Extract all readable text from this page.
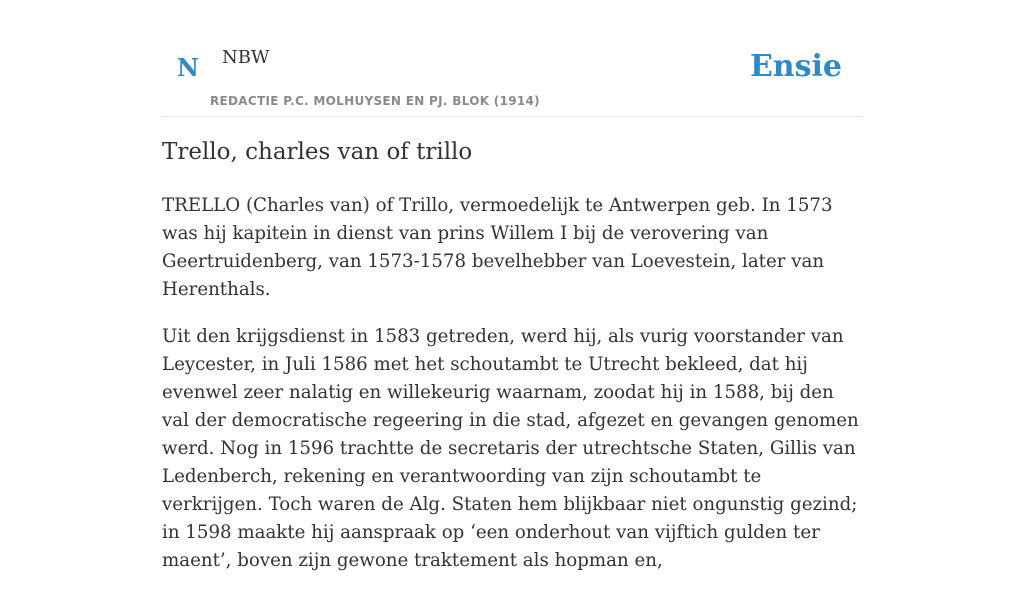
N NBW
REDACTIE P.C. MOLHUYSEN EN PJ. BLOK (1914)
Ensie
Trello, charles van of trillo

TRELLO (Charles van) of Trillo, vermoedelijk te Antwerpen geb. In 1573 was hij kapitein in dienst van prins Willem I bij de verovering van Geertruidenberg, van 1573-1578 bevelhebber van Loevestein, later van Herenthals.

Uit den krijgsdienst in 1583 getreden, werd hij, als vurig voorstander van Leycester, in Juli 1586 met het schoutambt te Utrecht bekleed, dat hij evenwel zeer nalatig en willekeurig waarnam, zoodat hij in 1588, bij den val der democratische regeering in die stad, afgezet en gevangen genomen werd. Nog in 1596 trachtte de secretaris der utrechtsche Staten, Gillis van Ledenberch, rekening en verantwoording van zijn schoutambt te verkrijgen. Toch waren de Alg. Staten hem blijkbaar niet ongunstig gezind; in 1598 maakte hij aanspraak op ‘een onderhout van vijftich gulden ter maent’, boven zijn gewone traktement als hopman en,
